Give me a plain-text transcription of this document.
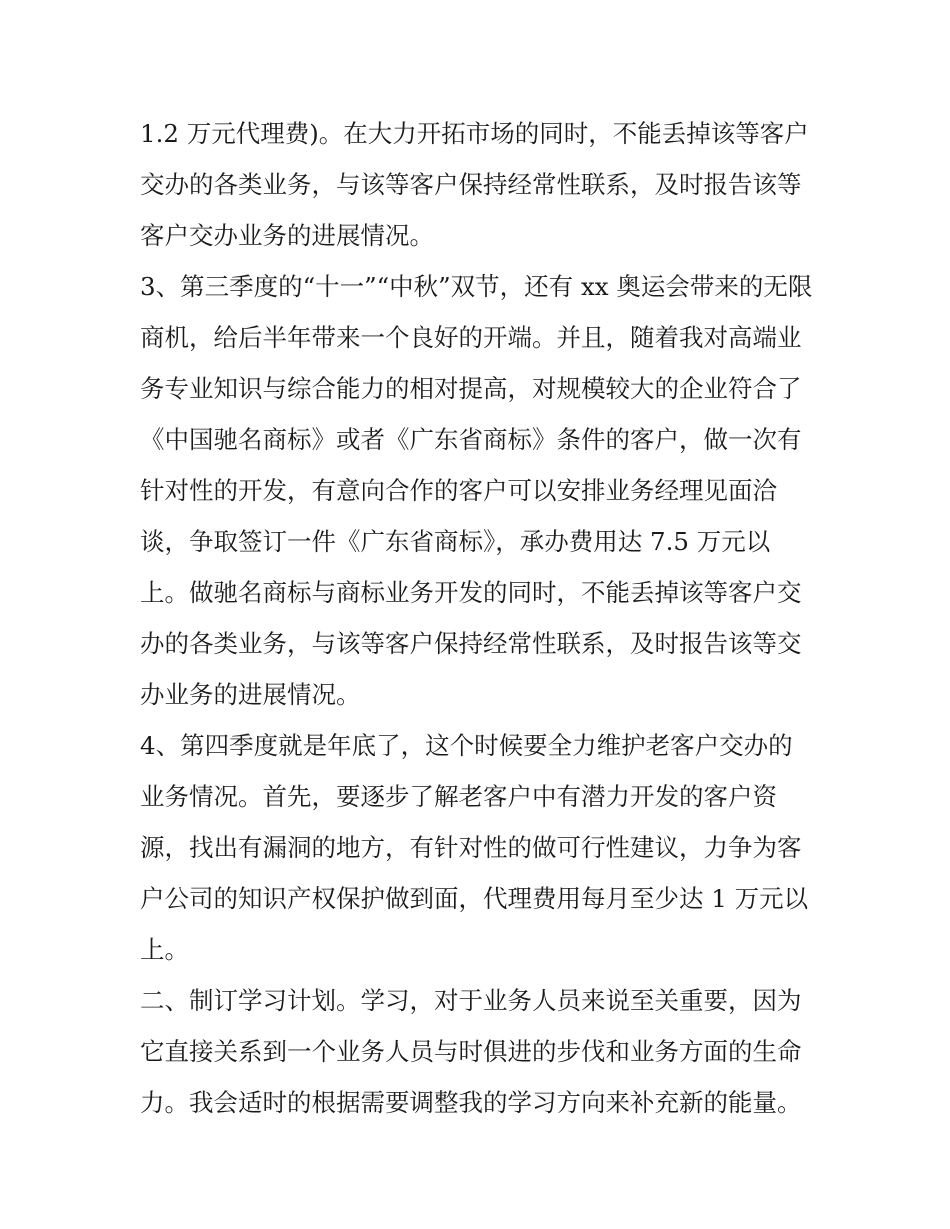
1.2 万元代理费)。在大力开拓市场的同时，不能丢掉该等客户
交办的各类业务，与该等客户保持经常性联系，及时报告该等
客户交办业务的进展情况。
3、第三季度的“十一”“中秋”双节，还有 xx 奥运会带来的无限
商机，给后半年带来一个良好的开端。并且，随着我对高端业
务专业知识与综合能力的相对提高，对规模较大的企业符合了
《中国驰名商标》或者《广东省商标》条件的客户，做一次有
针对性的开发，有意向合作的客户可以安排业务经理见面洽
谈，争取签订一件《广东省商标》，承办费用达 7.5 万元以
上。做驰名商标与商标业务开发的同时，不能丢掉该等客户交
办的各类业务，与该等客户保持经常性联系，及时报告该等交
办业务的进展情况。
4、第四季度就是年底了，这个时候要全力维护老客户交办的
业务情况。首先，要逐步了解老客户中有潜力开发的客户资
源，找出有漏洞的地方，有针对性的做可行性建议，力争为客
户公司的知识产权保护做到面，代理费用每月至少达 1 万元以
上。
二、制订学习计划。学习，对于业务人员来说至关重要，因为
它直接关系到一个业务人员与时俱进的步伐和业务方面的生命
力。我会适时的根据需要调整我的学习方向来补充新的能量。
